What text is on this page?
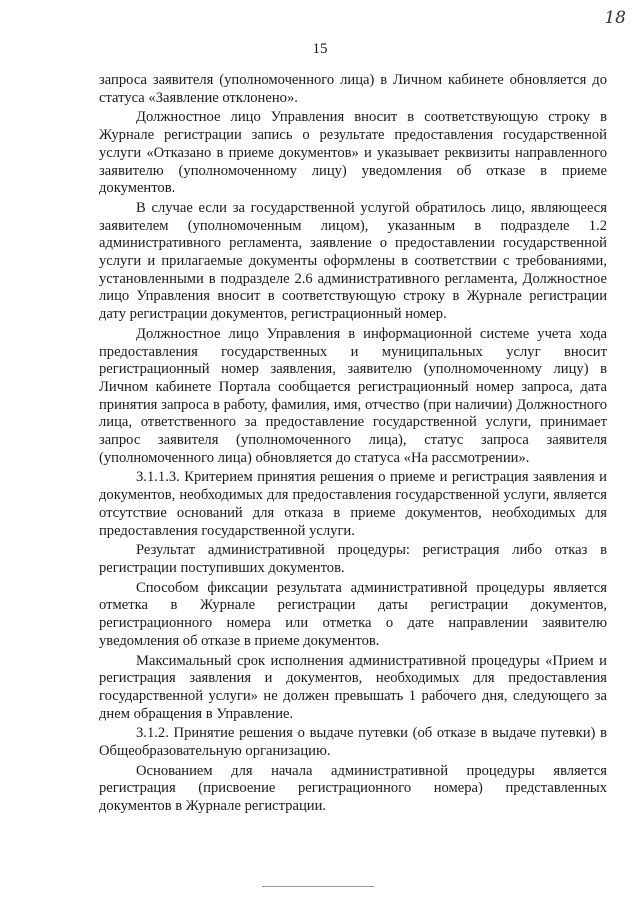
18
15

запроса заявителя (уполномоченного лица) в Личном кабинете обновляется до статуса «Заявление отклонено».

Должностное лицо Управления вносит в соответствующую строку в Журнале регистрации запись о результате предоставления государственной услуги «Отказано в приеме документов» и указывает реквизиты направленного заявителю (уполномоченному лицу) уведомления об отказе в приеме документов.

В случае если за государственной услугой обратилось лицо, являющееся заявителем (уполномоченным лицом), указанным в подразделе 1.2 административного регламента, заявление о предоставлении государственной услуги и прилагаемые документы оформлены в соответствии с требованиями, установленными в подразделе 2.6 административного регламента, Должностное лицо Управления вносит в соответствующую строку в Журнале регистрации дату регистрации документов, регистрационный номер.

Должностное лицо Управления в информационной системе учета хода предоставления государственных и муниципальных услуг вносит регистрационный номер заявления, заявителю (уполномоченному лицу) в Личном кабинете Портала сообщается регистрационный номер запроса, дата принятия запроса в работу, фамилия, имя, отчество (при наличии) Должностного лица, ответственного за предоставление государственной услуги, принимает запрос заявителя (уполномоченного лица), статус запроса заявителя (уполномоченного лица) обновляется до статуса «На рассмотрении».

3.1.1.3. Критерием принятия решения о приеме и регистрация заявления и документов, необходимых для предоставления государственной услуги, является отсутствие оснований для отказа в приеме документов, необходимых для предоставления государственной услуги.

Результат административной процедуры: регистрация либо отказ в регистрации поступивших документов.

Способом фиксации результата административной процедуры является отметка в Журнале регистрации даты регистрации документов, регистрационного номера или отметка о дате направлении заявителю уведомления об отказе в приеме документов.

Максимальный срок исполнения административной процедуры «Прием и регистрация заявления и документов, необходимых для предоставления государственной услуги» не должен превышать 1 рабочего дня, следующего за днем обращения в Управление.

3.1.2. Принятие решения о выдаче путевки (об отказе в выдаче путевки) в Общеобразовательную организацию.

Основанием для начала административной процедуры является регистрация (присвоение регистрационного номера) представленных документов в Журнале регистрации.
